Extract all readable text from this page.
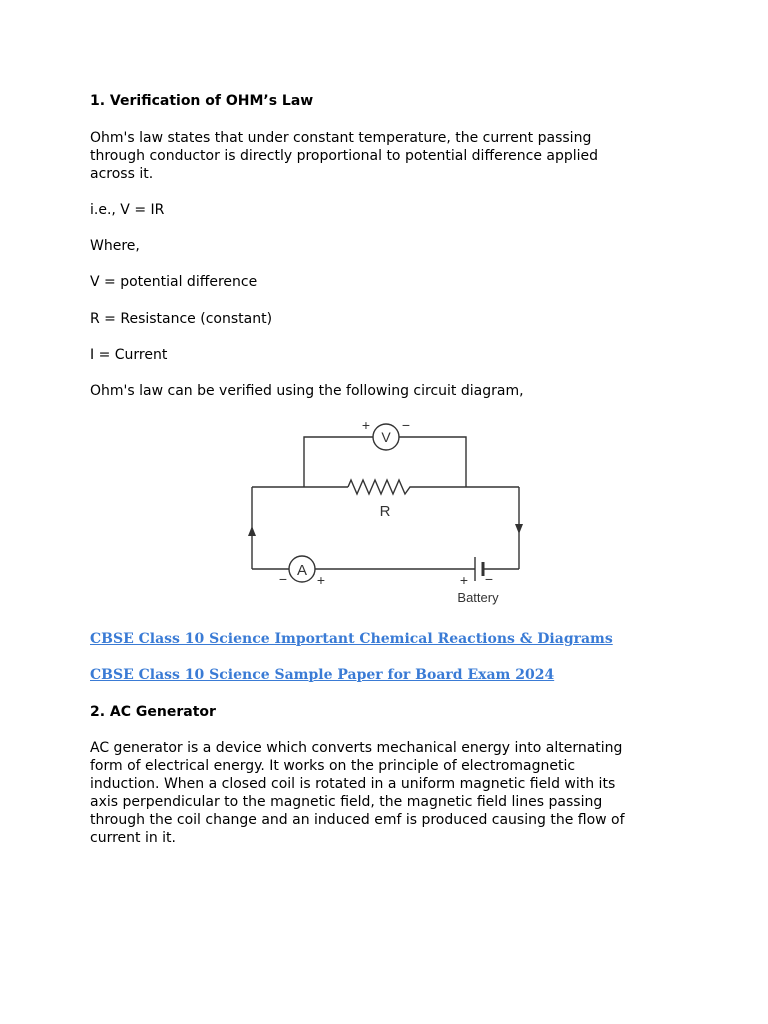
1. Verification of OHM’s Law

Ohm's law states that under constant temperature, the current passing
through conductor is directly proportional to potential difference applied
across it.

i.e., V = IR

Where,

V = potential difference

R = Resistance (constant)

I = Current

Ohm's law can be verified using the following circuit diagram,

CBSE Class 10 Science Important Chemical Reactions & Diagrams

CBSE Class 10 Science Sample Paper for Board Exam 2024

2. AC Generator

AC generator is a device which converts mechanical energy into alternating
form of electrical energy. It works on the principle of electromagnetic
induction. When a closed coil is rotated in a uniform magnetic field with its
axis perpendicular to the magnetic field, the magnetic field lines passing
through the coil change and an induced emf is produced causing the flow of
current in it.
V
+ −
R
A
− +	+ −
Battery
